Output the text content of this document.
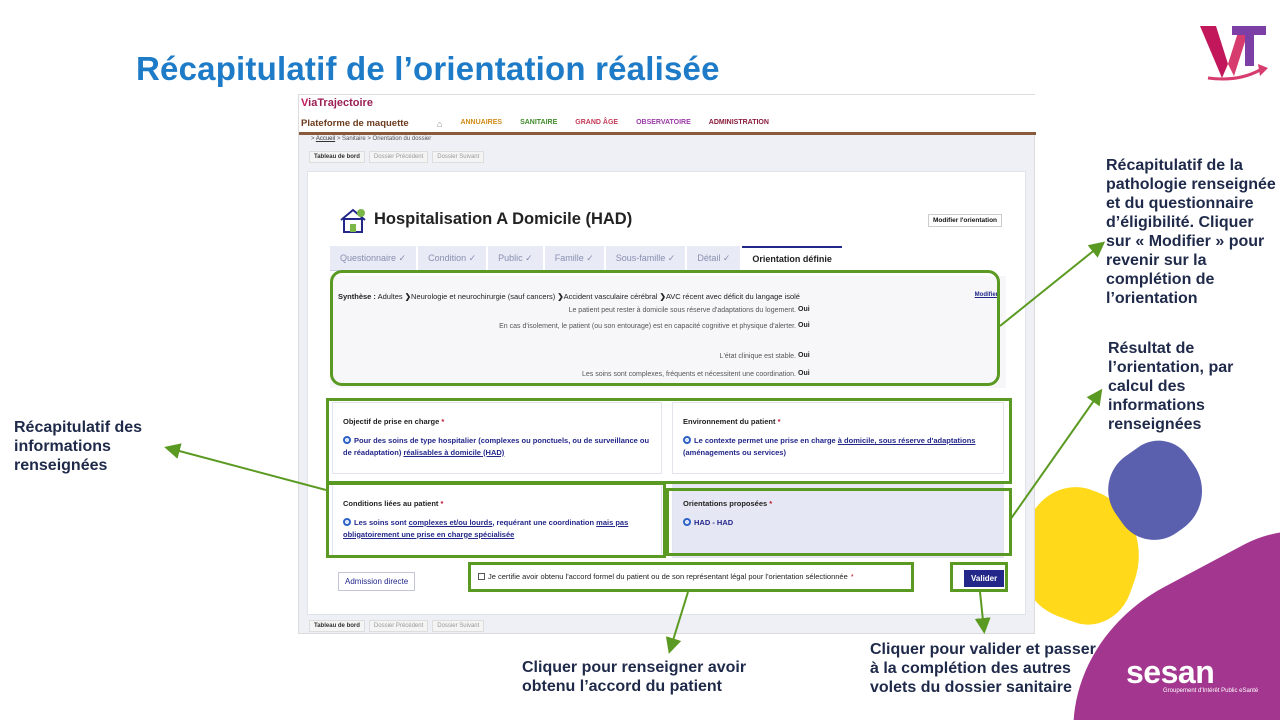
Récapitulatif de l’orientation réalisée
ViaTrajectoire
Plateforme de maquette	⌂	ANNUAIRES	SANITAIRE	GRAND ÂGE	OBSERVATOIRE	ADMINISTRATION
> Accueil > Sanitaire > Orientation du dossier
Tableau de bord	Dossier Précédent	Dossier Suivant
Hospitalisation A Domicile (HAD)	Modifier l'orientation
Questionnaire ✓	Condition ✓	Public ✓	Famille ✓	Sous-famille ✓	Détail ✓	Orientation définie
Synthèse : Adultes ❯Neurologie et neurochirurgie (sauf cancers) ❯Accident vasculaire cérébral ❯AVC récent avec déficit du langage isolé	Modifier
Le patient peut rester à domicile sous réserve d'adaptations du logement. Oui
En cas d'isolement, le patient (ou son entourage) est en capacité cognitive et physique d'alerter. Oui
L'état clinique est stable. Oui
Les soins sont complexes, fréquents et nécessitent une coordination. Oui
Objectif de prise en charge *
Pour des soins de type hospitalier (complexes ou ponctuels, ou de surveillance ou de réadaptation) réalisables à domicile (HAD)
Environnement du patient *
Le contexte permet une prise en charge à domicile, sous réserve d'adaptations (aménagements ou services)
Conditions liées au patient *
Les soins sont complexes et/ou lourds, requérant une coordination mais pas obligatoirement une prise en charge spécialisée
Orientations proposées *
HAD - HAD
Admission directe
Je certifie avoir obtenu l'accord formel du patient ou de son représentant légal pour l'orientation sélectionnée *	Valider
Tableau de bord	Dossier Précédent	Dossier Suivant
Récapitulatif de la pathologie renseignée et du questionnaire d’éligibilité. Cliquer sur « Modifier » pour revenir sur la complétion de l’orientation
Résultat de l’orientation, par calcul des informations renseignées
Récapitulatif des informations renseignées
Cliquer pour renseigner avoir obtenu l’accord du patient
Cliquer pour valider et passer à la complétion des autres volets du dossier sanitaire	sesan
Groupement d'Intérêt Public eSanté
